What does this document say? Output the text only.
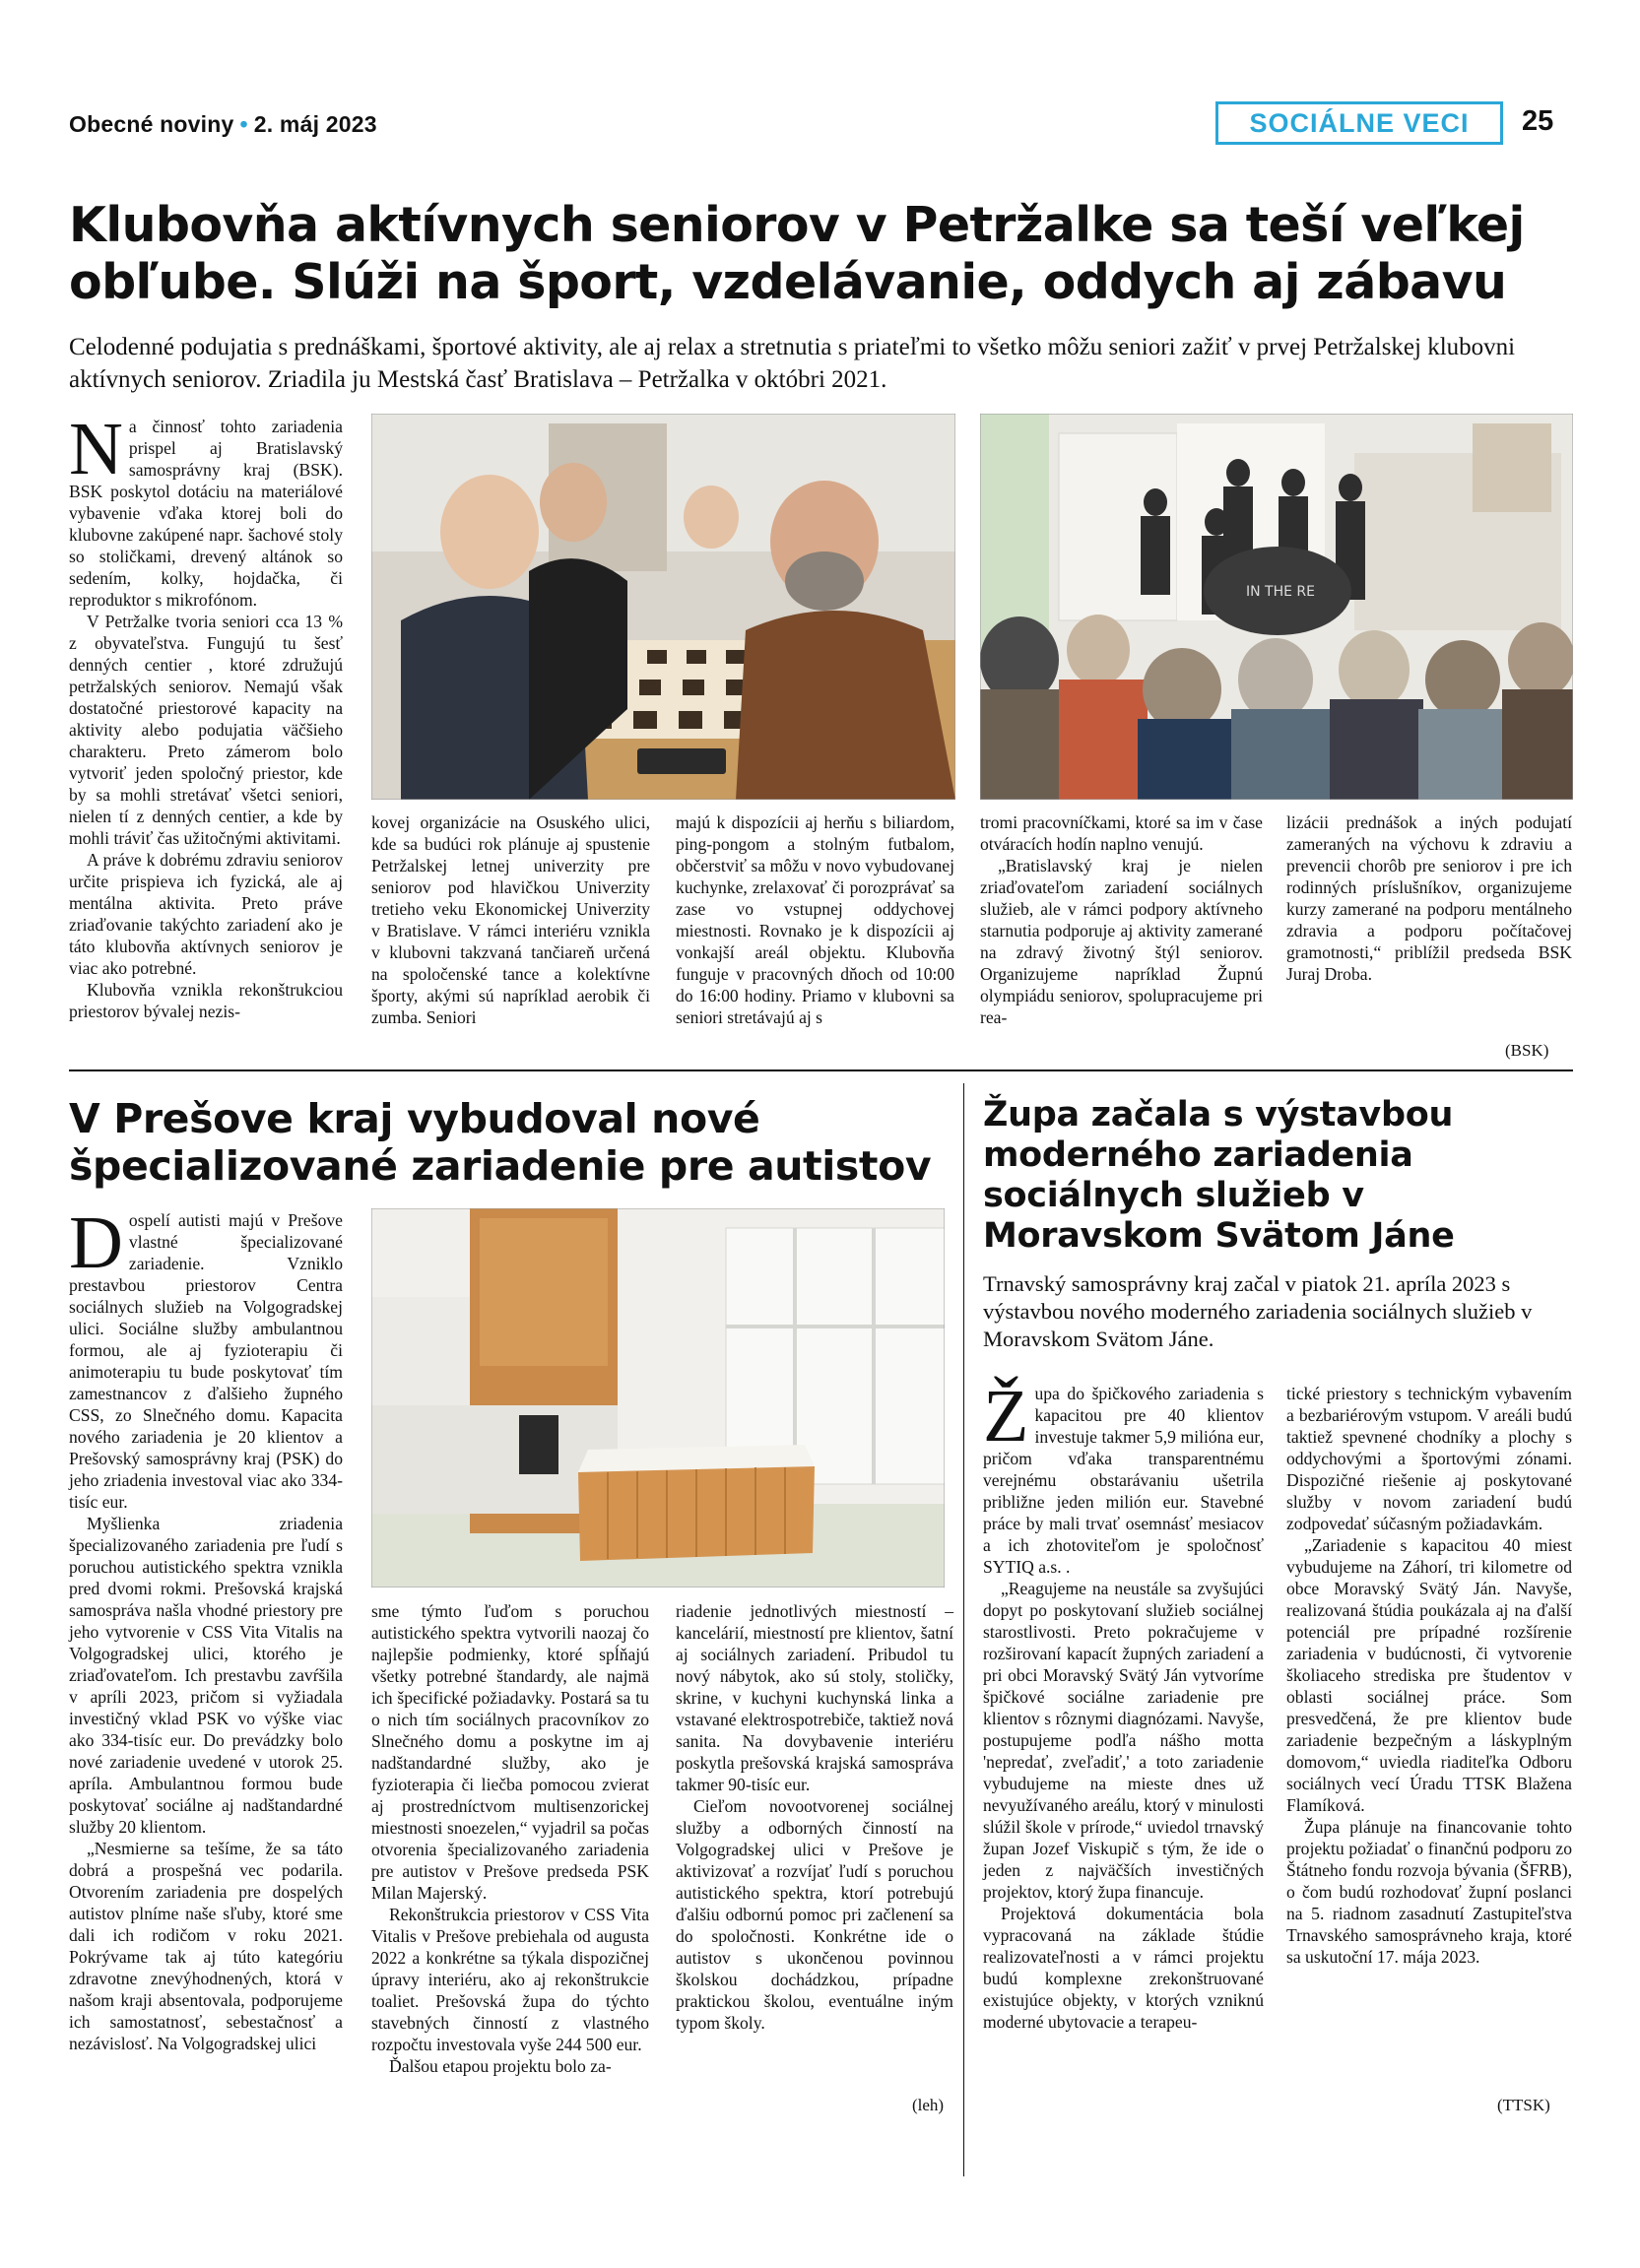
Obecné noviny • 2. máj 2023	SOCIÁLNE VECI	25
Klubovňa aktívnych seniorov v Petržalke sa teší veľkej obľube. Slúži na šport, vzdelávanie, oddych aj zábavu
Celodenné podujatia s prednáškami, športové aktivity, ale aj relax a stretnutia s priateľmi to všetko môžu seniori zažiť v prvej Petržalskej klubovni aktívnych seniorov. Zriadila ju Mestská časť Bratislava – Petržalka v októbri 2021.

Na činnosť tohto zariadenia prispel aj Bratislavský samosprávny kraj (BSK). BSK poskytol dotáciu na materiálové vybavenie vďaka ktorej boli do klubovne zakúpené napr. šachové stoly so stoličkami, drevený altánok so sedením, kolky, hojdačka, či reproduktor s mikrofónom.

V Petržalke tvoria seniori cca 13 % z obyvateľstva. Fungujú tu šesť denných centier , ktoré združujú petržalských seniorov. Nemajú však dostatočné priestorové kapacity na aktivity alebo podujatia väčšieho charakteru. Preto zámerom bolo vytvoriť jeden spoločný priestor, kde by sa mohli stretávať všetci seniori, nielen tí z denných centier, a kde by mohli tráviť čas užitočnými aktivitami.

A práve k dobrému zdraviu seniorov určite prispieva ich fyzická, ale aj mentálna aktivita. Preto práve zriaďovanie takýchto zariadení ako je táto klubovňa aktívnych seniorov je viac ako potrebné.

Klubovňa vznikla rekonštrukciou priestorov bývalej nezis-

kovej organizácie na Osuského ulici, kde sa budúci rok plánuje aj spustenie Petržalskej letnej univerzity pre seniorov pod hlavičkou Univerzity tretieho veku Ekonomickej Univerzity v Bratislave. V rámci interiéru vznikla v klubovni takzvaná tančiareň určená na spoločenské tance a kolektívne športy, akými sú napríklad aerobik či zumba. Seniori

majú k dispozícii aj herňu s biliardom, ping-pongom a stolným futbalom, občerstviť sa môžu v novo vybudovanej kuchynke, zrelaxovať či porozprávať sa zase vo vstupnej oddychovej miestnosti. Rovnako je k dispozícii aj vonkajší areál objektu. Klubovňa funguje v pracovných dňoch od 10:00 do 16:00 hodiny. Priamo v klubovni sa seniori stretávajú aj s

IN THE RE

tromi pracovníčkami, ktoré sa im v čase otváracích hodín naplno venujú.

„Bratislavský kraj je nielen zriaďovateľom zariadení sociálnych služieb, ale v rámci podpory aktívneho starnutia podporuje aj aktivity zamerané na zdravý životný štýl seniorov. Organizujeme napríklad Župnú olympiádu seniorov, spolupracujeme pri rea-

lizácii prednášok a iných podujatí zameraných na výchovu k zdraviu a prevencii chorôb pre seniorov i pre ich rodinných príslušníkov, organizujeme kurzy zamerané na podporu mentálneho zdravia a podporu počítačovej gramotnosti,“ priblížil predseda BSK Juraj Droba.

(BSK)
V Prešove kraj vybudoval nové špecializované zariadenie pre autistov

Dospelí autisti majú v Prešove vlastné špecializované zariadenie. Vzniklo prestavbou priestorov Centra sociálnych služieb na Volgogradskej ulici. Sociálne služby ambulantnou formou, ale aj fyzioterapiu či animoterapiu tu bude poskytovať tím zamestnancov z ďalšieho župného CSS, zo Slnečného domu. Kapacita nového zariadenia je 20 klientov a Prešovský samosprávny kraj (PSK) do jeho zriadenia investoval viac ako 334-tisíc eur.

Myšlienka zriadenia špecializovaného zariadenia pre ľudí s poruchou autistického spektra vznikla pred dvomi rokmi. Prešovská krajská samospráva našla vhodné priestory pre jeho vytvorenie v CSS Vita Vitalis na Volgogradskej ulici, ktorého je zriaďovateľom. Ich prestavbu zavŕšila v apríli 2023, pričom si vyžiadala investičný vklad PSK vo výške viac ako 334-tisíc eur. Do prevádzky bolo nové zariadenie uvedené v utorok 25. apríla. Ambulantnou formou bude poskytovať sociálne aj nadštandardné služby 20 klientom.

„Nesmierne sa tešíme, že sa táto dobrá a prospešná vec podarila. Otvorením zariadenia pre dospelých autistov plníme naše sľuby, ktoré sme dali ich rodičom v roku 2021. Pokrývame tak aj túto kategóriu zdravotne znevýhodnených, ktorá v našom kraji absentovala, podporujeme ich samostatnosť, sebestačnosť a nezávislosť. Na Volgogradskej ulici

sme týmto ľuďom s poruchou autistického spektra vytvorili naozaj čo najlepšie podmienky, ktoré spĺňajú všetky potrebné štandardy, ale najmä ich špecifické požiadavky. Postará sa tu o nich tím sociálnych pracovníkov zo Slnečného domu a poskytne im aj nadštandardné služby, ako je fyzioterapia či liečba pomocou zvierat aj prostredníctvom multisenzorickej miestnosti snoezelen,“ vyjadril sa počas otvorenia špecializovaného zariadenia pre autistov v Prešove predseda PSK Milan Majerský.

Rekonštrukcia priestorov v CSS Vita Vitalis v Prešove prebiehala od augusta 2022 a konkrétne sa týkala dispozičnej úpravy interiéru, ako aj rekonštrukcie toaliet. Prešovská župa do týchto stavebných činností z vlastného rozpočtu investovala vyše 244 500 eur.

Ďalšou etapou projektu bolo za-

riadenie jednotlivých miestností – kancelárií, miestností pre klientov, šatní aj sociálnych zariadení. Pribudol tu nový nábytok, ako sú stoly, stoličky, skrine, v kuchyni kuchynská linka a vstavané elektrospotrebiče, taktiež nová sanita. Na dovybavenie interiéru poskytla prešovská krajská samospráva takmer 90-tisíc eur.

Cieľom novootvorenej sociálnej služby a odborných činností na Volgogradskej ulici v Prešove je aktivizovať a rozvíjať ľudí s poruchou autistického spektra, ktorí potrebujú ďalšiu odbornú pomoc pri začlenení sa do spoločnosti. Konkrétne ide o autistov s ukončenou povinnou školskou dochádzkou, prípadne praktickou školou, eventuálne iným typom školy.

(leh)
Župa začala s výstavbou moderného zariadenia sociálnych služieb v Moravskom Svätom Jáne
Trnavský samosprávny kraj začal v piatok 21. apríla 2023 s výstavbou nového moderného zariadenia sociálnych služieb v Moravskom Svätom Jáne.

Župa do špičkového zariadenia s kapacitou pre 40 klientov investuje takmer 5,9 milióna eur, pričom vďaka transparentnému verejnému obstarávaniu ušetrila približne jeden milión eur. Stavebné práce by mali trvať osemnásť mesiacov a ich zhotoviteľom je spoločnosť SYTIQ a.s. .

„Reagujeme na neustále sa zvyšujúci dopyt po poskytovaní služieb sociálnej starostlivosti. Preto pokračujeme v rozširovaní kapacít župných zariadení a pri obci Moravský Svätý Ján vytvoríme špičkové sociálne zariadenie pre klientov s rôznymi diagnózami. Navyše, postupujeme podľa nášho motta 'nepredať, zveľadiť,' a toto zariadenie vybudujeme na mieste dnes už nevyužívaného areálu, ktorý v minulosti slúžil škole v prírode,“ uviedol trnavský župan Jozef Viskupič s tým, že ide o jeden z najväčších investičných projektov, ktorý župa financuje.

Projektová dokumentácia bola vypracovaná na základe štúdie realizovateľnosti a v rámci projektu budú komplexne zrekonštruované existujúce objekty, v ktorých vzniknú moderné ubytovacie a terapeu-

tické priestory s technickým vybavením a bezbariérovým vstupom. V areáli budú taktiež spevnené chodníky a plochy s oddychovými a športovými zónami. Dispozičné riešenie aj poskytované služby v novom zariadení budú zodpovedať súčasným požiadavkám.

„Zariadenie s kapacitou 40 miest vybudujeme na Záhorí, tri kilometre od obce Moravský Svätý Ján. Navyše, realizovaná štúdia poukázala aj na ďalší potenciál pre prípadné rozšírenie zariadenia v budúcnosti, či vytvorenie školiaceho strediska pre študentov v oblasti sociálnej práce. Som presvedčená, že pre klientov bude zariadenie bezpečným a láskyplným domovom,“ uviedla riaditeľka Odboru sociálnych vecí Úradu TTSK Blažena Flamíková.

Župa plánuje na financovanie tohto projektu požiadať o finančnú podporu zo Štátneho fondu rozvoja bývania (ŠFRB), o čom budú rozhodovať župní poslanci na 5. riadnom zasadnutí Zastupiteľstva Trnavského samosprávneho kraja, ktoré sa uskutoční 17. mája 2023.

(TTSK)
